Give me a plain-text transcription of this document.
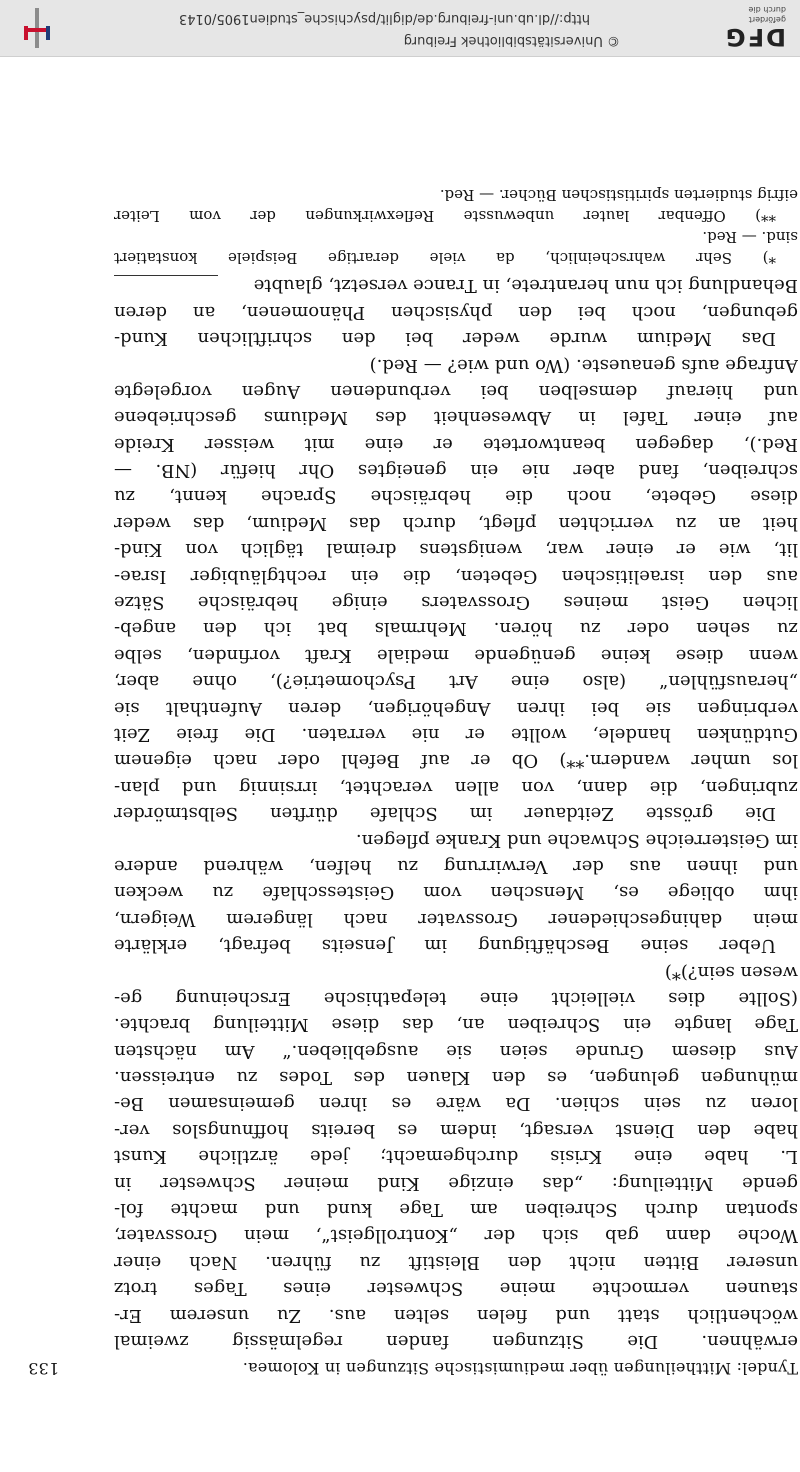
Tyndel: Mittheilungen über mediumistische Sitzungen in Kolomea.
133
erwähnen. Die Sitzungen fanden regelmässig zweimal
wöchentlich statt und fielen selten aus. Zu unserem Er-
staunen vermochte meine Schwester eines Tages trotz
unserer Bitten nicht den Bleistift zu führen. Nach einer
Woche dann gab sich der „Kontrollgeist“, mein Grossvater,
spontan durch Schreiben am Tage kund und machte fol-
gende Mitteilung: „das einzige Kind meiner Schwester in
L. habe eine Krisis durchgemacht; jede ärztliche Kunst
habe den Dienst versagt, indem es bereits hoffnungslos ver-
loren zu sein schien. Da wäre es ihren gemeinsamen Be-
mühungen gelungen, es den Klauen des Todes zu entreissen.
Aus diesem Grunde seien sie ausgeblieben.“ Am nächsten
Tage langte ein Schreiben an, das diese Mitteilung brachte.
(Sollte dies vielleicht eine telepathische Erscheinung ge-
wesen sein?)*)
Ueber seine Beschäftigung im Jenseits befragt, erklärte
mein dahingeschiedener Grossvater nach längerem Weigern,
ihm obliege es, Menschen vom Geistesschlafe zu wecken
und ihnen aus der Verwirrung zu helfen, während andere
im Geisterreiche Schwache und Kranke pflegen.
Die grösste Zeitdauer im Schlafe dürften Selbstmörder
zubringen, die dann, von allen verachtet, irrsinnig und plan-
los umher wandern.**) Ob er auf Befehl oder nach eigenem
Gutdünken handele, wollte er nie verraten. Die freie Zeit
verbringen sie bei ihren Angehörigen, deren Aufenthalt sie
„herausfühlen“ (also eine Art Psychometrie?), ohne aber,
wenn diese keine genügende mediale Kraft vorfinden, selbe
zu sehen oder zu hören. Mehrmals bat ich den angeb-
lichen Geist meines Grossvaters einige hebräische Sätze
aus den israelitischen Gebeten, die ein rechtgläubiger Israe-
lit, wie er einer war, wenigstens dreimal täglich von Kind-
heit an zu verrichten pflegt, durch das Medium, das weder
diese Gebete, noch die hebräische Sprache kennt, zu
schreiben, fand aber nie ein geneigtes Ohr hiefür (NB. —
Red.), dagegen beantwortete er eine mit weisser Kreide
auf einer Tafel in Abwesenheit des Mediums geschriebene
und hierauf demselben bei verbundenen Augen vorgelegte
Anfrage aufs genaueste. (Wo und wie? — Red.)
Das Medium wurde weder bei den schriftlichen Kund-
gebungen, noch bei den physischen Phänomenen, an deren
Behandlung ich nun herantrete, in Trance versetzt, glaubte
*) Sehr wahrscheinlich, da viele derartige Beispiele konstatiert
sind. — Red.
**) Offenbar lauter unbewusste Reflexwirkungen der vom Leiter
eifrig studierten spiritistischen Bücher. — Red.
DFG
gefördert durch die
© Universitätsbibliothek Freiburg
http://dl.ub.uni-freiburg.de/diglit/psychische_studien1905/0143
